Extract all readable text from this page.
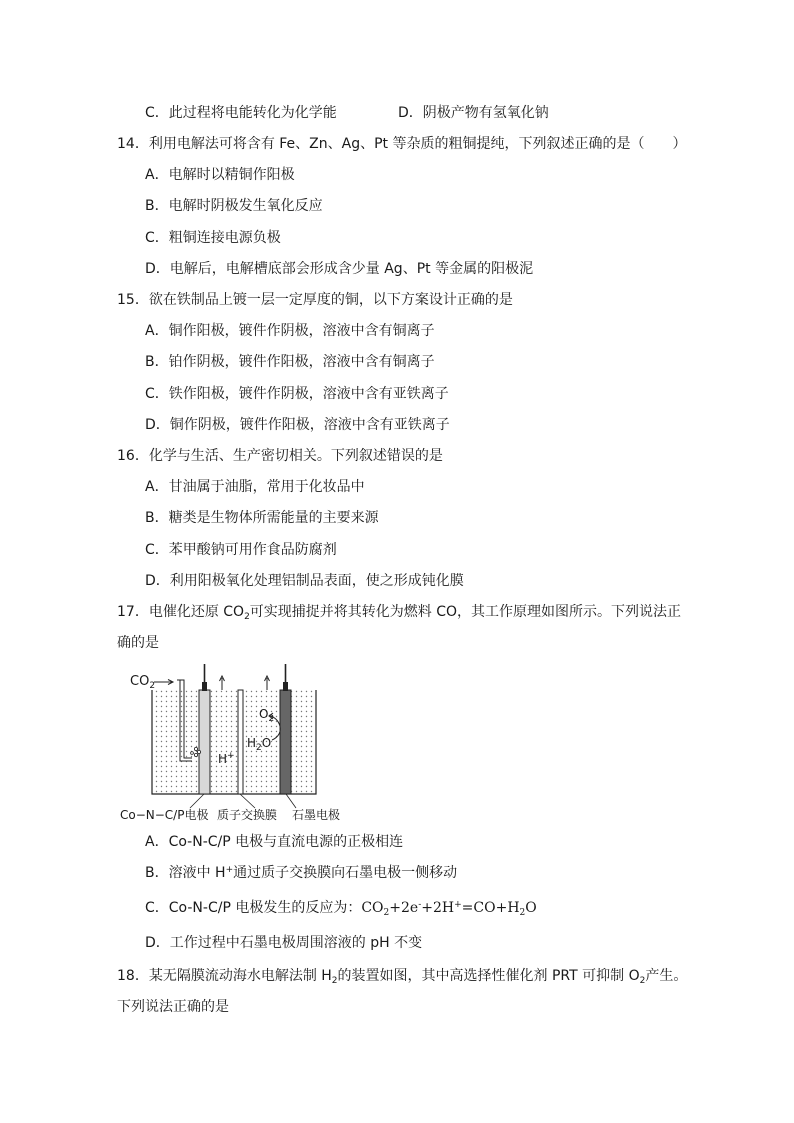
C．此过程将电能转化为化学能	D．阴极产物有氢氧化钠
14．利用电解法可将含有 Fe、Zn、Ag、Pt 等杂质的粗铜提纯，下列叙述正确的是（　　）
A．电解时以精铜作阳极
B．电解时阴极发生氧化反应
C．粗铜连接电源负极
D．电解后，电解槽底部会形成含少量 Ag、Pt 等金属的阳极泥
15．欲在铁制品上镀一层一定厚度的铜，以下方案设计正确的是
A．铜作阳极，镀件作阴极，溶液中含有铜离子
B．铂作阴极，镀件作阳极，溶液中含有铜离子
C．铁作阳极，镀件作阴极，溶液中含有亚铁离子
D．铜作阴极，镀件作阳极，溶液中含有亚铁离子
16．化学与生活、生产密切相关。下列叙述错误的是
A．甘油属于油脂，常用于化妆品中
B．糖类是生物体所需能量的主要来源
C．苯甲酸钠可用作食品防腐剂
D．利用阳极氧化处理铝制品表面，使之形成钝化膜
17．电催化还原 $CO_2$可实现捕捉并将其转化为燃料 CO，其工作原理如图所示。下列说法正
确的是
$CO_2$
$O_2$
$H_2O$
H+
Co−N−C/P电极 质子交换膜 石墨电极
A．Co-N-C/P 电极与直流电源的正极相连
B．溶液中 H+通过质子交换膜向石墨电极一侧移动
C．Co-N-C/P 电极发生的反应为：$CO_2+2e^-+2H^+=CO+H_2O$
D．工作过程中石墨电极周围溶液的 pH 不变
18．某无隔膜流动海水电解法制 $H_2$的装置如图，其中高选择性催化剂 PRT 可抑制 $O_2$产生。
下列说法正确的是
